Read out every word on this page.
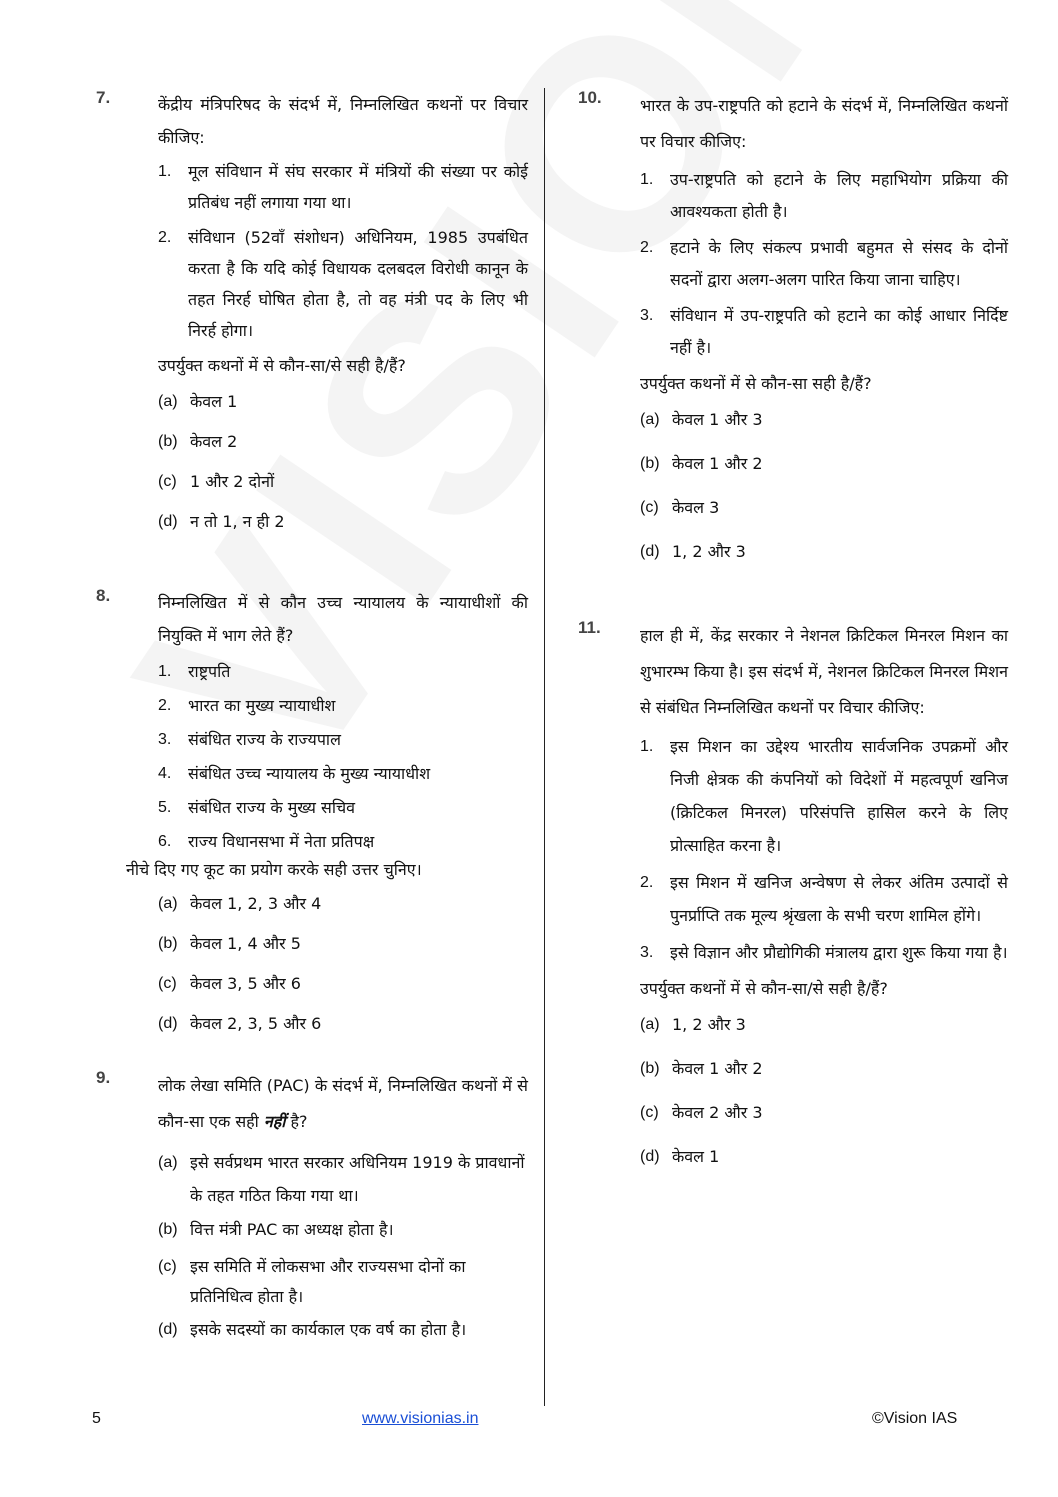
7.	केंद्रीय मंत्रिपरिषद के संदर्भ में, निम्नलिखित कथनों पर विचार कीजिए:
1.	मूल संविधान में संघ सरकार में मंत्रियों की संख्या पर कोई प्रतिबंध नहीं लगाया गया था।
2.	संविधान (52वाँ संशोधन) अधिनियम, 1985 उपबंधित करता है कि यदि कोई विधायक दलबदल विरोधी कानून के तहत निरर्ह घोषित होता है, तो वह मंत्री पद के लिए भी निरर्ह होगा।
उपर्युक्त कथनों में से कौन-सा/से सही है/हैं?
(a) केवल 1
(b) केवल 2
(c) 1 और 2 दोनों
(d) न तो 1, न ही 2
8.	निम्नलिखित में से कौन उच्च न्यायालय के न्यायाधीशों की नियुक्ति में भाग लेते हैं?
1.	राष्ट्रपति
2.	भारत का मुख्य न्यायाधीश
3.	संबंधित राज्य के राज्यपाल
4.	संबंधित उच्च न्यायालय के मुख्य न्यायाधीश
5.	संबंधित राज्य के मुख्य सचिव
6.	राज्य विधानसभा में नेता प्रतिपक्ष
नीचे दिए गए कूट का प्रयोग करके सही उत्तर चुनिए।
(a) केवल 1, 2, 3 और 4
(b) केवल 1, 4 और 5
(c) केवल 3, 5 और 6
(d) केवल 2, 3, 5 और 6
9.	लोक लेखा समिति (PAC) के संदर्भ में, निम्नलिखित कथनों में से कौन-सा एक सही नहीं है?
(a) इसे सर्वप्रथम भारत सरकार अधिनियम 1919 के प्रावधानों के तहत गठित किया गया था।
(b) वित्त मंत्री PAC का अध्यक्ष होता है।
(c) इस समिति में लोकसभा और राज्यसभा दोनों का प्रतिनिधित्व होता है।
(d) इसके सदस्यों का कार्यकाल एक वर्ष का होता है।
10. भारत के उप-राष्ट्रपति को हटाने के संदर्भ में, निम्नलिखित कथनों पर विचार कीजिए:
1.	उप-राष्ट्रपति को हटाने के लिए महाभियोग प्रक्रिया की आवश्यकता होती है।
2.	हटाने के लिए संकल्प प्रभावी बहुमत से संसद के दोनों सदनों द्वारा अलग-अलग पारित किया जाना चाहिए।
3.	संविधान में उप-राष्ट्रपति को हटाने का कोई आधार निर्दिष्ट नहीं है।
उपर्युक्त कथनों में से कौन-सा सही है/हैं?
(a) केवल 1 और 3
(b) केवल 1 और 2
(c) केवल 3
(d) 1, 2 और 3
11. हाल ही में, केंद्र सरकार ने नेशनल क्रिटिकल मिनरल मिशन का शुभारम्भ किया है। इस संदर्भ में, नेशनल क्रिटिकल मिनरल मिशन से संबंधित निम्नलिखित कथनों पर विचार कीजिए:
1.	इस मिशन का उद्देश्य भारतीय सार्वजनिक उपक्रमों और निजी क्षेत्रक की कंपनियों को विदेशों में महत्वपूर्ण खनिज (क्रिटिकल मिनरल) परिसंपत्ति हासिल करने के लिए प्रोत्साहित करना है।
2.	इस मिशन में खनिज अन्वेषण से लेकर अंतिम उत्पादों से पुनर्प्राप्ति तक मूल्य श्रृंखला के सभी चरण शामिल होंगे।
3.	इसे विज्ञान और प्रौद्योगिकी मंत्रालय द्वारा शुरू किया गया है।
उपर्युक्त कथनों में से कौन-सा/से सही है/हैं?
(a) 1, 2 और 3
(b) केवल 1 और 2
(c) केवल 2 और 3
(d) केवल 1
5	www.visionias.in	©Vision IAS
